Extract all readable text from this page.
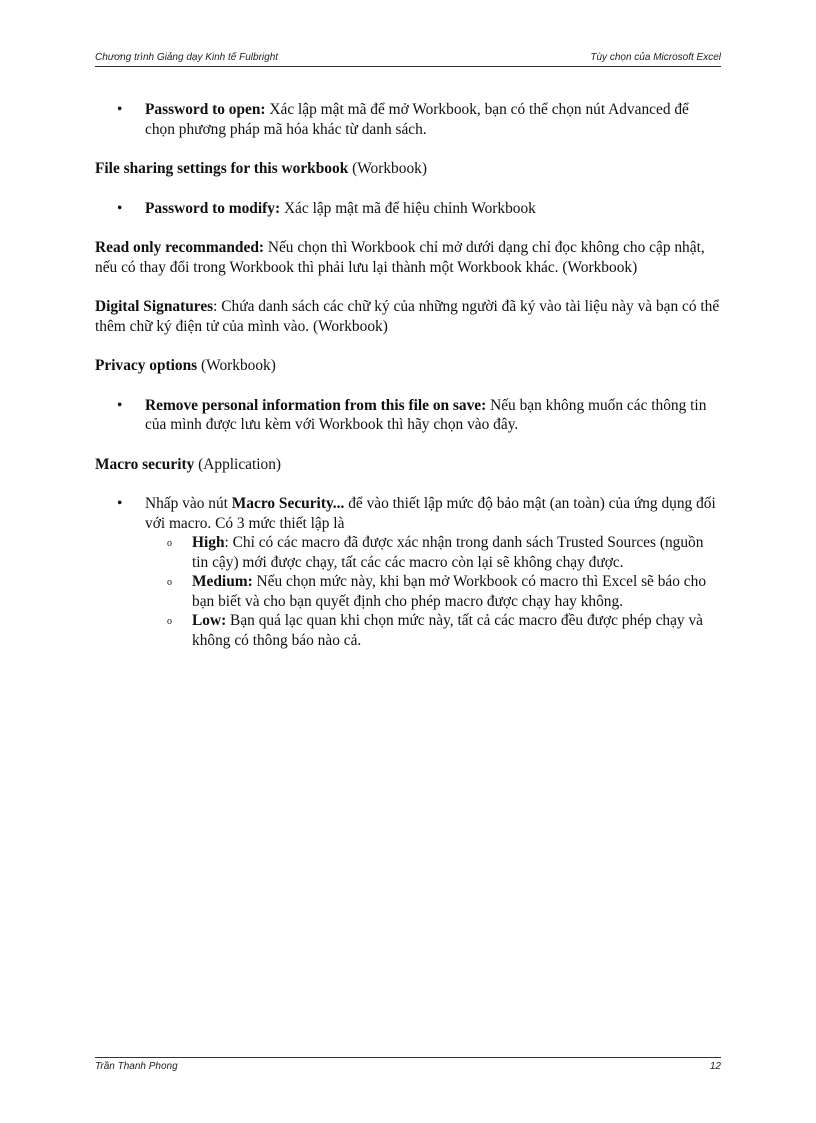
Chương trình Giảng dạy Kinh tế Fulbright	Tùy chọn của Microsoft Excel

• Password to open: Xác lập mật mã để mở Workbook, bạn có thể chọn nút Advanced để chọn phương pháp mã hóa khác từ danh sách.

File sharing settings for this workbook (Workbook)

• Password to modify: Xác lập mật mã để hiệu chỉnh Workbook

Read only recommanded: Nếu chọn thì Workbook chỉ mở dưới dạng chỉ đọc không cho cập nhật, nếu có thay đổi trong Workbook thì phải lưu lại thành một Workbook khác. (Workbook)

Digital Signatures: Chứa danh sách các chữ ký của những người đã ký vào tài liệu này và bạn có thể thêm chữ ký điện tử của mình vào. (Workbook)

Privacy options (Workbook)

• Remove personal information from this file on save: Nếu bạn không muốn các thông tin của mình được lưu kèm với Workbook thì hãy chọn vào đây.

Macro security (Application)

• Nhấp vào nút Macro Security... để vào thiết lập mức độ bảo mật (an toàn) của ứng dụng đối với macro. Có 3 mức thiết lập là

o High: Chỉ có các macro đã được xác nhận trong danh sách Trusted Sources (nguồn tin cậy) mới được chạy, tất các các macro còn lại sẽ không chạy được.

o Medium: Nếu chọn mức này, khi bạn mở Workbook có macro thì Excel sẽ báo cho bạn biết và cho bạn quyết định cho phép macro được chạy hay không.

o Low: Bạn quá lạc quan khi chọn mức này, tất cả các macro đều được phép chạy và không có thông báo nào cả.

Trần Thanh Phong	12
